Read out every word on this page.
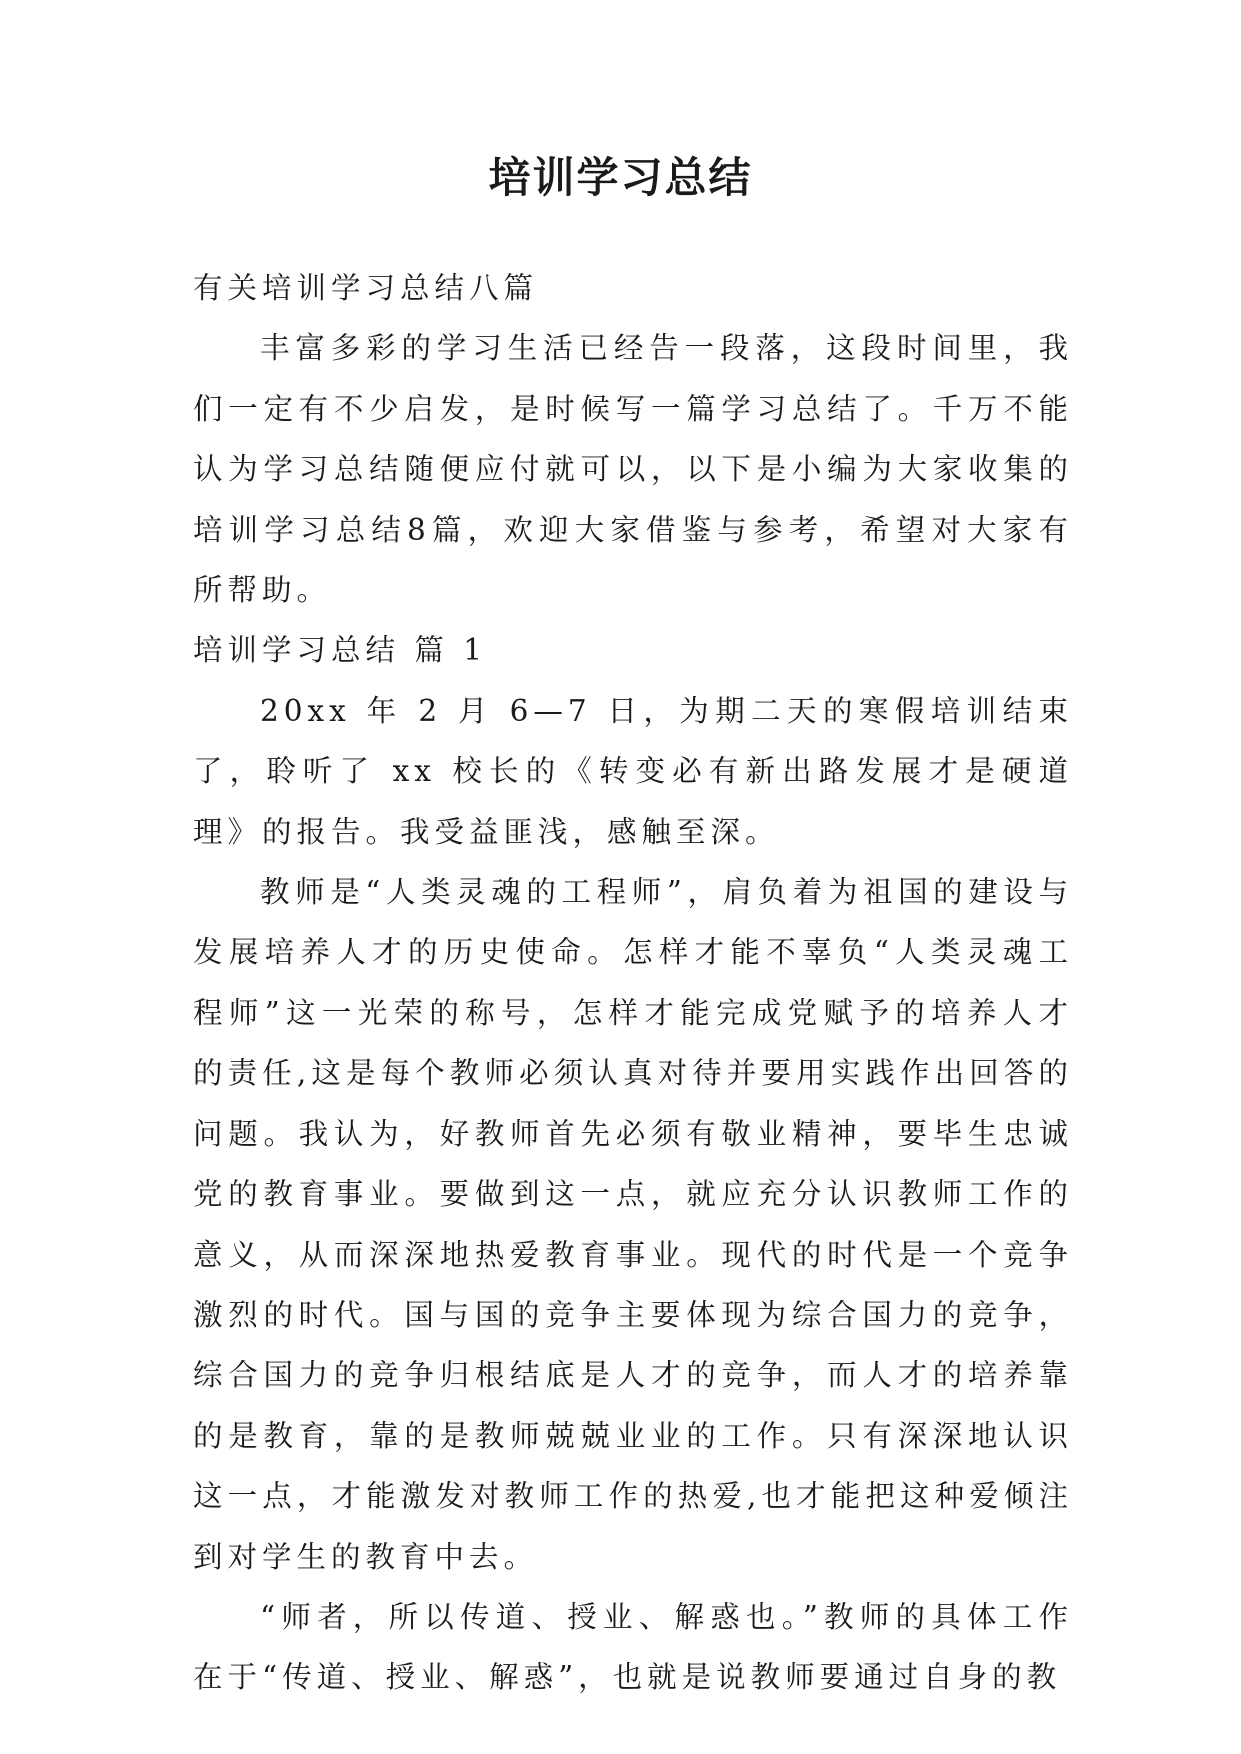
培训学习总结

有关培训学习总结八篇

丰富多彩的学习生活已经告一段落，这段时间里，我们一定有不少启发，是时候写一篇学习总结了。千万不能认为学习总结随便应付就可以，以下是小编为大家收集的培训学习总结8篇，欢迎大家借鉴与参考，希望对大家有所帮助。

培训学习总结 篇 1

20xx 年 2 月 6—7 日，为期二天的寒假培训结束了，聆听了 xx 校长的《转变必有新出路发展才是硬道理》的报告。我受益匪浅，感触至深。

教师是“人类灵魂的工程师”，肩负着为祖国的建设与发展培养人才的历史使命。怎样才能不辜负“人类灵魂工程师”这一光荣的称号，怎样才能完成党赋予的培养人才的责任,这是每个教师必须认真对待并要用实践作出回答的问题。我认为，好教师首先必须有敬业精神，要毕生忠诚党的教育事业。要做到这一点，就应充分认识教师工作的意义，从而深深地热爱教育事业。现代的时代是一个竞争激烈的时代。国与国的竞争主要体现为综合国力的竞争，综合国力的竞争归根结底是人才的竞争，而人才的培养靠的是教育，靠的是教师兢兢业业的工作。只有深深地认识这一点，才能激发对教师工作的热爱,也才能把这种爱倾注到对学生的教育中去。

“师者，所以传道、授业、解惑也。”教师的具体工作在于“传道、授业、解惑”，也就是说教师要通过自身的教
